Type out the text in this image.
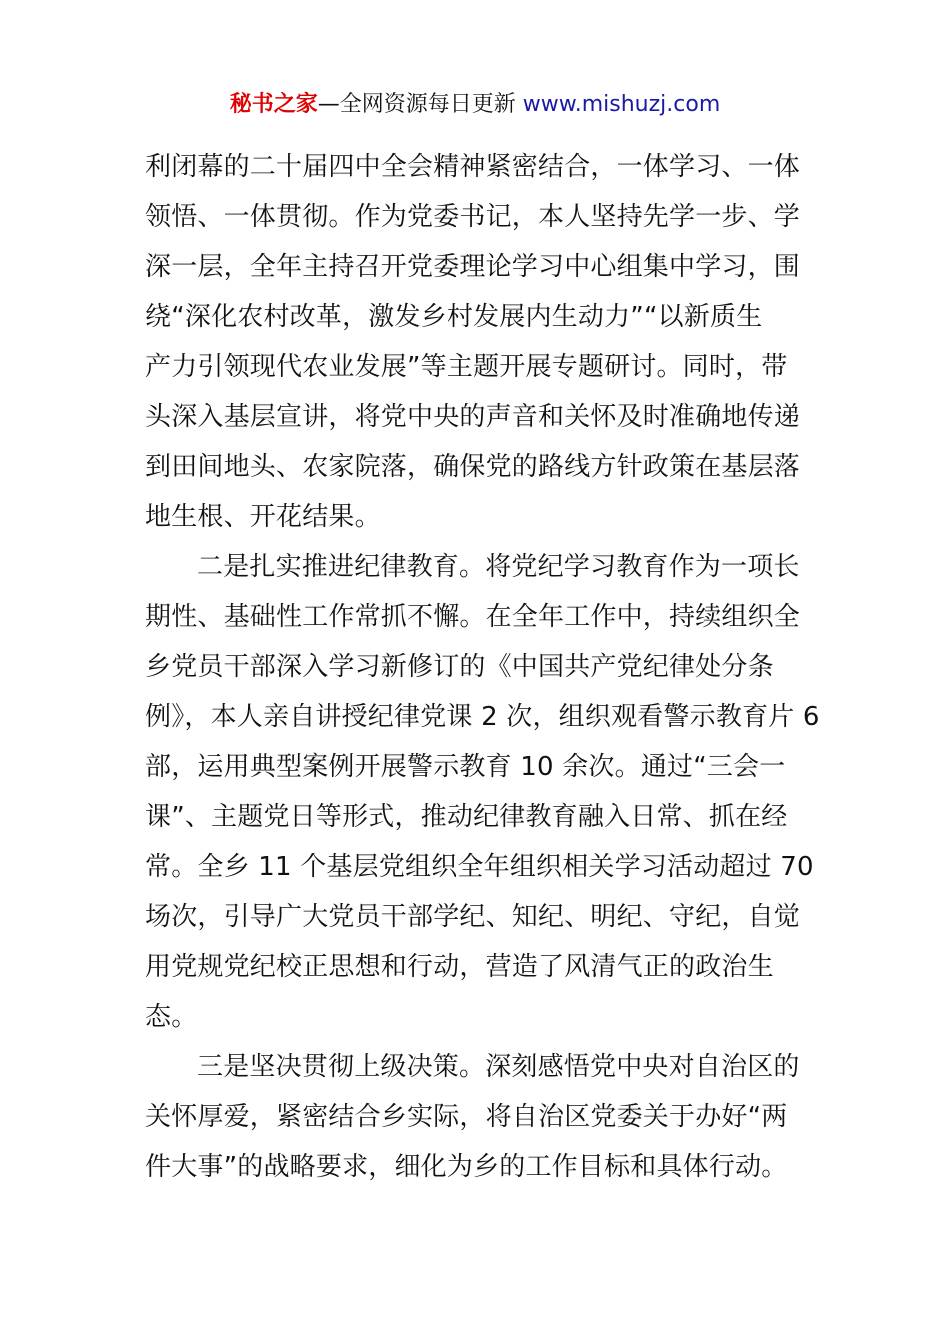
秘书之家—全网资源每日更新 www.mishuzj.com
利闭幕的二十届四中全会精神紧密结合，一体学习、一体
领悟、一体贯彻。作为党委书记，本人坚持先学一步、学
深一层，全年主持召开党委理论学习中心组集中学习，围
绕“深化农村改革，激发乡村发展内生动力”“以新质生
产力引领现代农业发展”等主题开展专题研讨。同时，带
头深入基层宣讲，将党中央的声音和关怀及时准确地传递
到田间地头、农家院落，确保党的路线方针政策在基层落
地生根、开花结果。
二是扎实推进纪律教育。将党纪学习教育作为一项长
期性、基础性工作常抓不懈。在全年工作中，持续组织全
乡党员干部深入学习新修订的《中国共产党纪律处分条
例》，本人亲自讲授纪律党课 2 次，组织观看警示教育片 6
部，运用典型案例开展警示教育 10 余次。通过“三会一
课”、主题党日等形式，推动纪律教育融入日常、抓在经
常。全乡 11 个基层党组织全年组织相关学习活动超过 70
场次，引导广大党员干部学纪、知纪、明纪、守纪，自觉
用党规党纪校正思想和行动，营造了风清气正的政治生
态。
三是坚决贯彻上级决策。深刻感悟党中央对自治区的
关怀厚爱，紧密结合乡实际，将自治区党委关于办好“两
件大事”的战略要求，细化为乡的工作目标和具体行动。
